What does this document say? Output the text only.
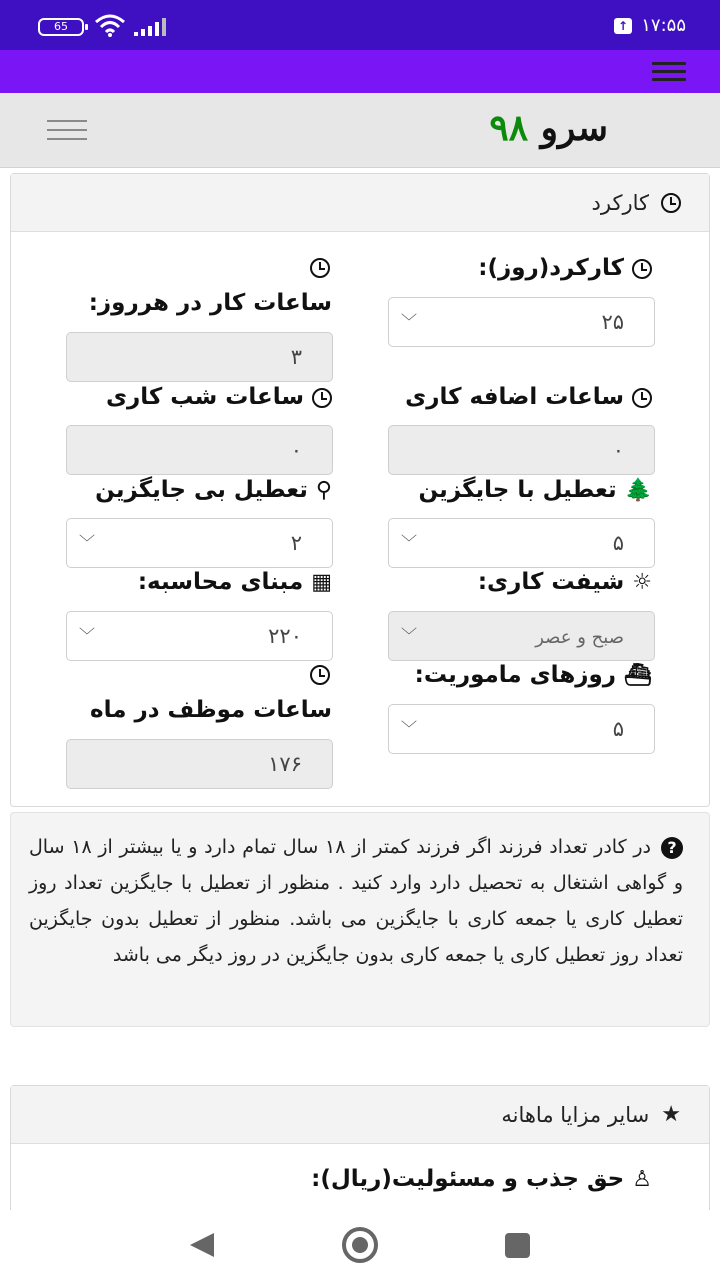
65	↑ ۱۷:۵۵
سرو ۹۸
کارکرد
کارکرد(روز):
۲۵
﹀
ساعات اضافه کاری
۰
🌲تعطیل با جایگزین
۵
﹀
☼شیفت کاری:
صبح و عصر
﹀
⛴روزهای ماموریت:
۵
﹀
ساعات کار در هرروز:
۳
ساعات شب کاری
۰
⚲تعطیل بی جایگزین
۲
﹀
▦مبنای محاسبه:
۲۲۰
﹀
ساعات موظف در ماه
۱۷۶
?در کادر تعداد فرزند اگر فرزند کمتر از ۱۸ سال تمام دارد و یا بیشتر از ۱۸ سال و گواهی اشتغال به تحصیل دارد وارد کنید . منظور از تعطیل با جایگزین تعداد روز تعطیل کاری یا جمعه کاری با جایگزین می باشد. منظور از تعطیل بدون جایگزین تعداد روز تعطیل کاری یا جمعه کاری بدون جایگزین در روز دیگر می باشد
★
سایر مزایا ماهانه
♙حق جذب و مسئولیت(ریال):
